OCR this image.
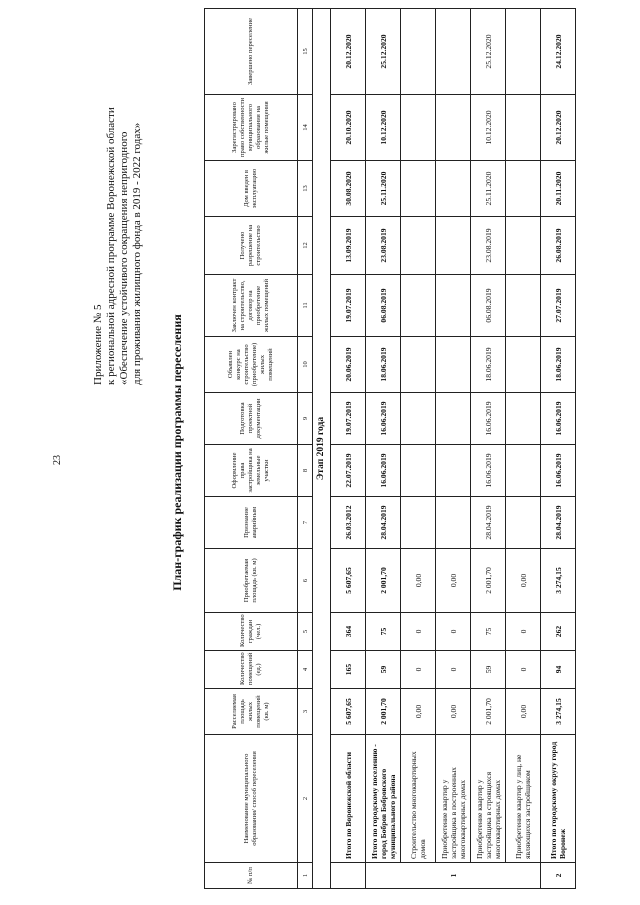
23
Приложение № 5 к региональной адресной программе Воронежской области «Обеспечение устойчивого сокращения непригодного для проживания жилищного фонда в 2019 - 2022 годах»
План-график реализации программы переселения
№ п/п	Наименование муниципального образования/ способ переселения	Расселяемая площадь жилых помещений (кв. м)	Количество помещений (ед.)	Количество граждан (чел.)	Приобретаемая площадь (кв. м)	Признание аварийным	Оформление права застройщика на земельные участки	Подготовка проектной документации	Объявлен конкурс на строительство (приобретение) жилых помещений	Заключен контракт на строительство, договор на приобретение жилых помещений	Получено разрешение на строительство	Дом введен в эксплуатацию	Зарегистрировано право собственности муниципального образования на жилые помещения	Завершено переселение
1	2	3	4	5	6	7	8	9	10	11	12	13	14	15
Этап 2019 года														
	Итого по Воронежской области	5 607,65	165	364	5 607,65	26.03.2012	22.07.2019	19.07.2019	20.06.2019	19.07.2019	13.09.2019	30.08.2020	20.10.2020	20.12.2020
1	Итого по городскому поселению - город Бобров Бобровского муниципального района	2 001,70	59	75	2 001,70	28.04.2019	16.06.2019	16.06.2019	18.06.2019	06.08.2019	23.08.2019	25.11.2020	10.12.2020	25.12.2020
	Строительство многоквартирных домов	0,00	0	0	0,00									
	Приобретение квартир у застройщика в построенных многоквартирных домах	0,00	0	0	0,00									
	Приобретение квартир у застройщика в строящихся многоквартирных домах	2 001,70	59	75	2 001,70	28.04.2019	16.06.2019	16.06.2019	18.06.2019	06.08.2019	23.08.2019	25.11.2020	10.12.2020	25.12.2020
	Приобретение квартир у лиц, не являющихся застройщиком	0,00	0	0	0,00									
2	Итого по городскому округу город Воронеж	3 274,15	94	262	3 274,15	28.04.2019	16.06.2019	16.06.2019	18.06.2019	27.07.2019	26.08.2019	20.11.2020	20.12.2020	24.12.2020
